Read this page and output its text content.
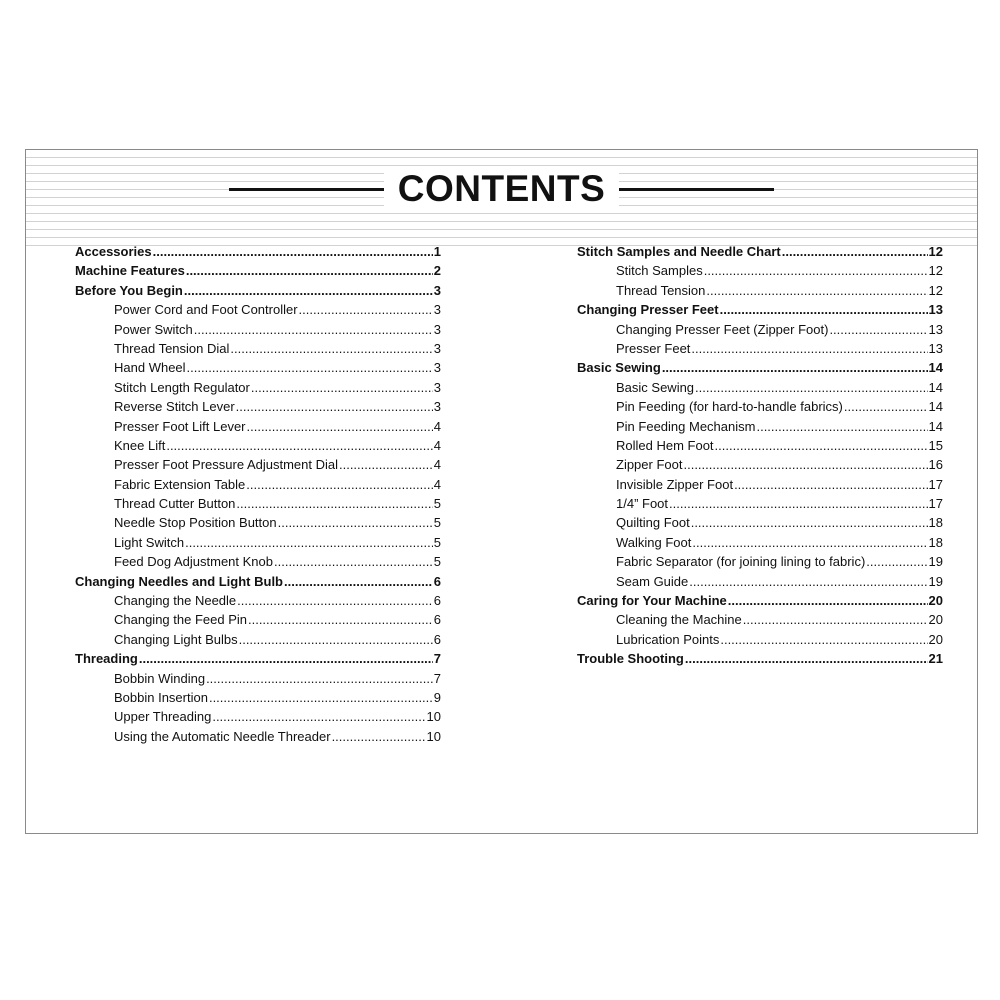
CONTENTS
Accessories .....	1
Machine Features .....	2
Before You Begin .....	3
Power Cord and Foot Controller .....	3
Power Switch .....	3
Thread Tension Dial .....	3
Hand Wheel .....	3
Stitch Length Regulator .....	3
Reverse Stitch Lever .....	3
Presser Foot Lift Lever .....	4
Knee Lift .....	4
Presser Foot Pressure Adjustment Dial .....	4
Fabric Extension Table .....	4
Thread Cutter Button .....	5
Needle Stop Position Button .....	5
Light Switch .....	5
Feed Dog Adjustment Knob .....	5
Changing Needles and Light Bulb .....	6
Changing the Needle .....	6
Changing the Feed Pin .....	6
Changing Light Bulbs .....	6
Threading .....	7
Bobbin Winding .....	7
Bobbin Insertion .....	9
Upper Threading .....	10
Using the Automatic Needle Threader .....	10
Stitch Samples and Needle Chart .....	12
Stitch Samples .....	12
Thread Tension .....	12
Changing Presser Feet .....	13
Changing Presser Feet (Zipper Foot) .....	13
Presser Feet .....	13
Basic Sewing .....	14
Basic Sewing .....	14
Pin Feeding (for hard-to-handle fabrics) .....	14
Pin Feeding Mechanism .....	14
Rolled Hem Foot .....	15
Zipper Foot .....	16
Invisible Zipper Foot .....	17
1/4” Foot .....	17
Quilting Foot .....	18
Walking Foot .....	18
Fabric Separator (for joining lining to fabric) .....	19
Seam Guide .....	19
Caring for Your Machine .....	20
Cleaning the Machine .....	20
Lubrication Points .....	20
Trouble Shooting .....	21
